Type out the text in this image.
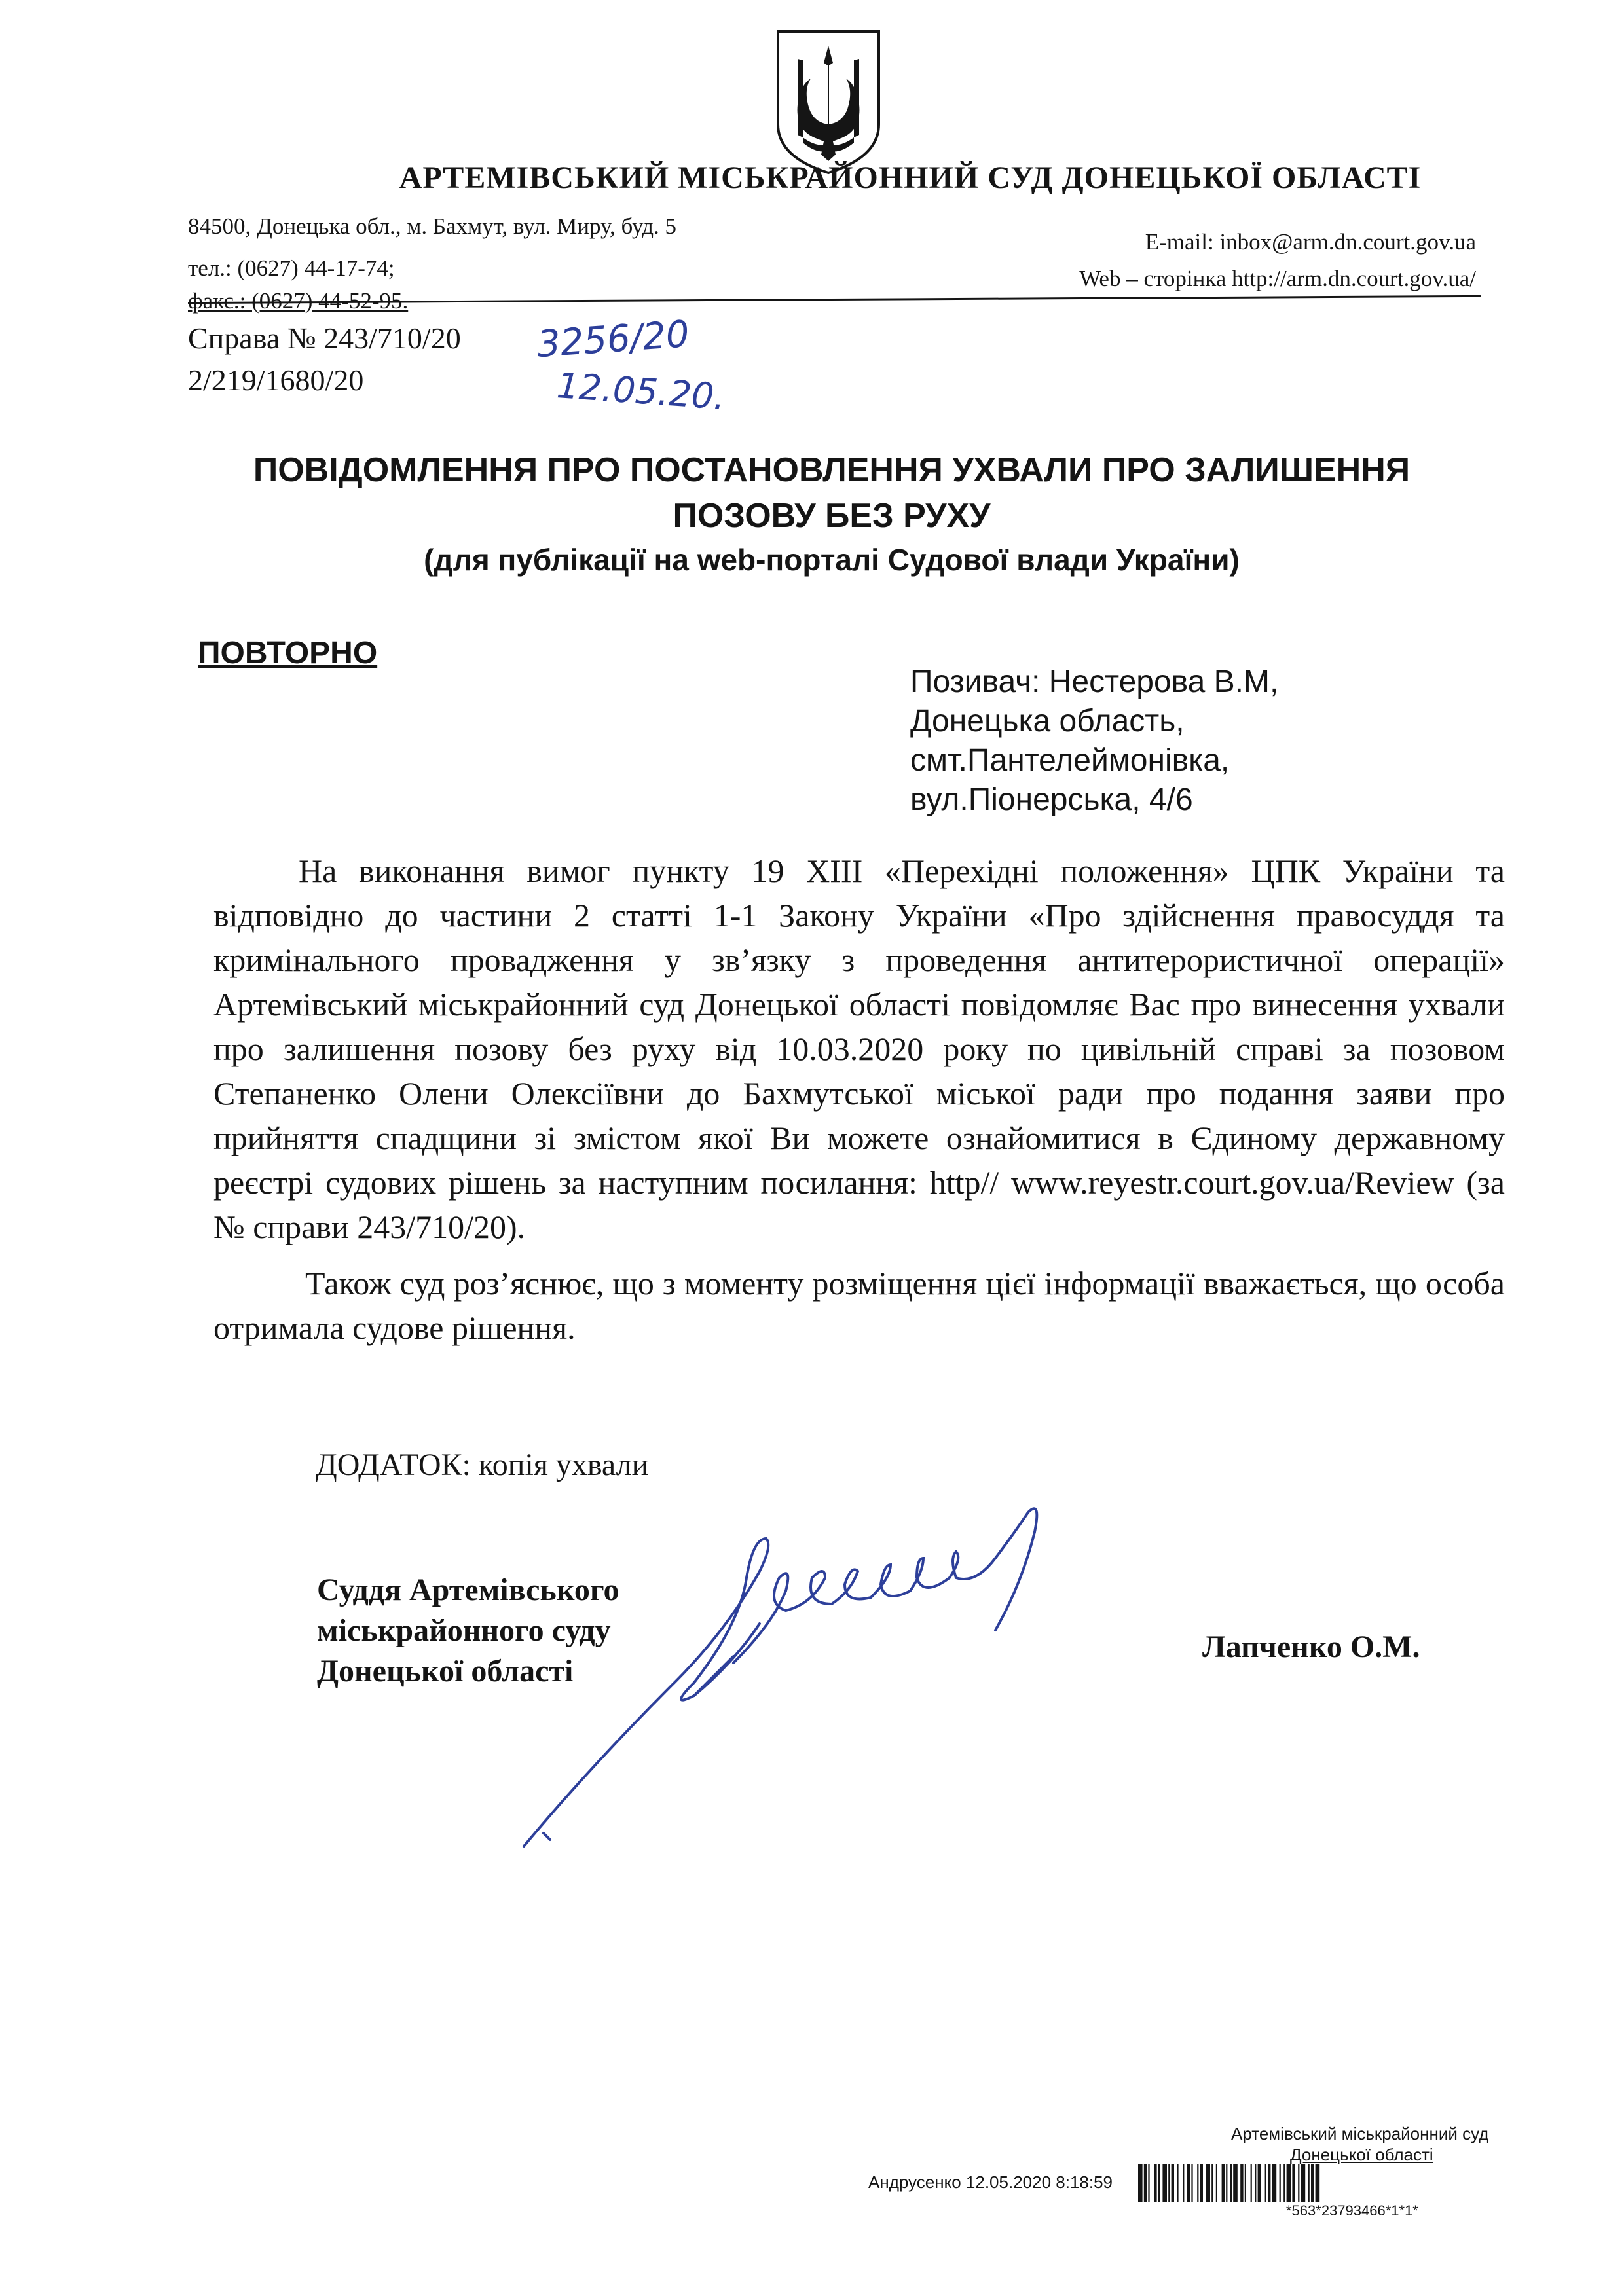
АРТЕМІВСЬКИЙ МІСЬКРАЙОННИЙ СУД ДОНЕЦЬКОЇ ОБЛАСТІ
84500, Донецька обл., м. Бахмут, вул. Миру, буд. 5
тел.: (0627) 44-17-74;
факс.: (0627) 44-52-95.
E-mail: inbox@arm.dn.court.gov.ua
Web – сторінка http://arm.dn.court.gov.ua/
Справа № 243/710/20
2/219/1680/20
3256/20
12.05.20.
ПОВІДОМЛЕННЯ ПРО ПОСТАНОВЛЕННЯ УХВАЛИ ПРО ЗАЛИШЕННЯ
ПОЗОВУ БЕЗ РУХУ
(для публікації на web-порталі Судової влади України)
ПОВТОРНО
Позивач: Нестерова В.М,
Донецька область,
смт.Пантелеймонівка,
вул.Піонерська, 4/6
На виконання вимог пункту 19 ХІІІ «Перехідні положення» ЦПК України та відповідно до частини 2 статті 1-1 Закону України «Про здійснення правосуддя та кримінального провадження у зв’язку з проведення антитерористичної операції» Артемівський міськрайонний суд Донецької області повідомляє Вас про винесення ухвали про залишення позову без руху від 10.03.2020 року по цивільній справі за позовом Степаненко Олени Олексіївни до Бахмутської міської ради про подання заяви про прийняття спадщини зі змістом якої Ви можете ознайомитися в Єдиному державному реєстрі судових рішень за наступним посилання: http// www.reyestr.court.gov.ua/Review (за № справи 243/710/20).
Також суд роз’яснює, що з моменту розміщення цієї інформації вважається, що особа отримала судове рішення.
ДОДАТОК: копія ухвали
Суддя Артемівського
міськрайонного суду
Донецької області
Лапченко О.М.
Артемівський міськрайонний суд
Донецької області
Андрусенко 12.05.2020 8:18:59
*563*23793466*1*1*
